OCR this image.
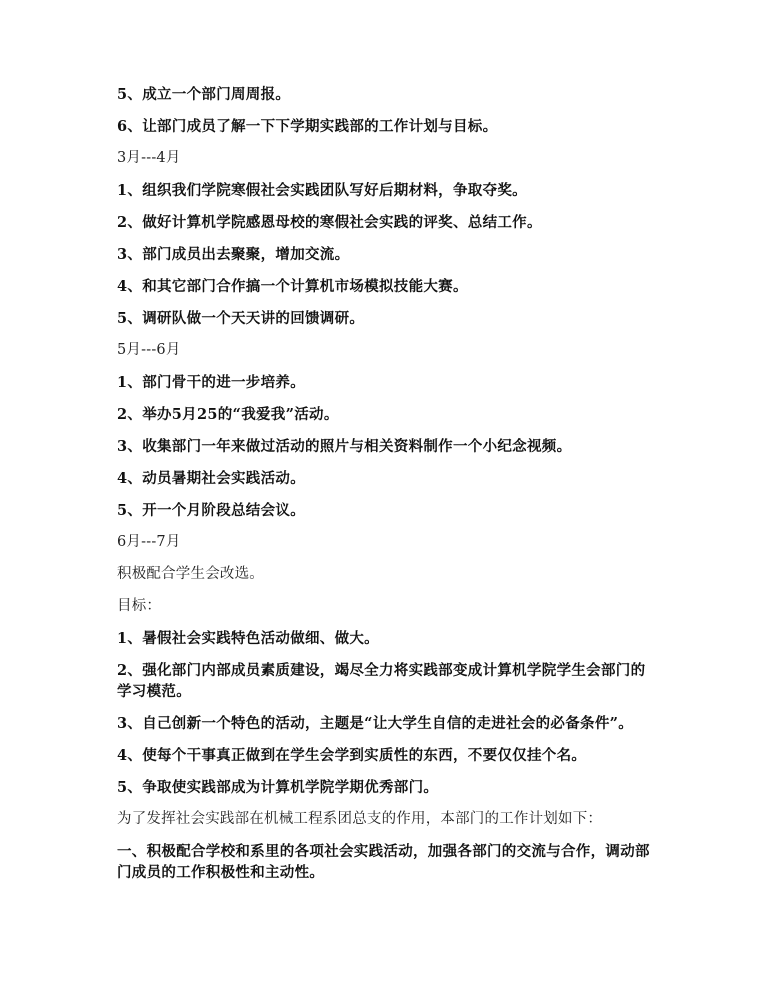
5、成立一个部门周周报。

6、让部门成员了解一下下学期实践部的工作计划与目标。

3月---4月

1、组织我们学院寒假社会实践团队写好后期材料，争取夺奖。

2、做好计算机学院感恩母校的寒假社会实践的评奖、总结工作。

3、部门成员出去聚聚，增加交流。

4、和其它部门合作搞一个计算机市场模拟技能大赛。

5、调研队做一个天天讲的回馈调研。

5月---6月

1、部门骨干的进一步培养。

2、举办5月25的“我爱我”活动。

3、收集部门一年来做过活动的照片与相关资料制作一个小纪念视频。

4、动员暑期社会实践活动。

5、开一个月阶段总结会议。

6月---7月

积极配合学生会改选。

目标：

1、暑假社会实践特色活动做细、做大。

2、强化部门内部成员素质建设，竭尽全力将实践部变成计算机学院学生会部门的学习模范。

3、自己创新一个特色的活动，主题是“让大学生自信的走进社会的必备条件”。

4、使每个干事真正做到在学生会学到实质性的东西，不要仅仅挂个名。

5、争取使实践部成为计算机学院学期优秀部门。

为了发挥社会实践部在机械工程系团总支的作用，本部门的工作计划如下：

一、积极配合学校和系里的各项社会实践活动，加强各部门的交流与合作，调动部门成员的工作积极性和主动性。
